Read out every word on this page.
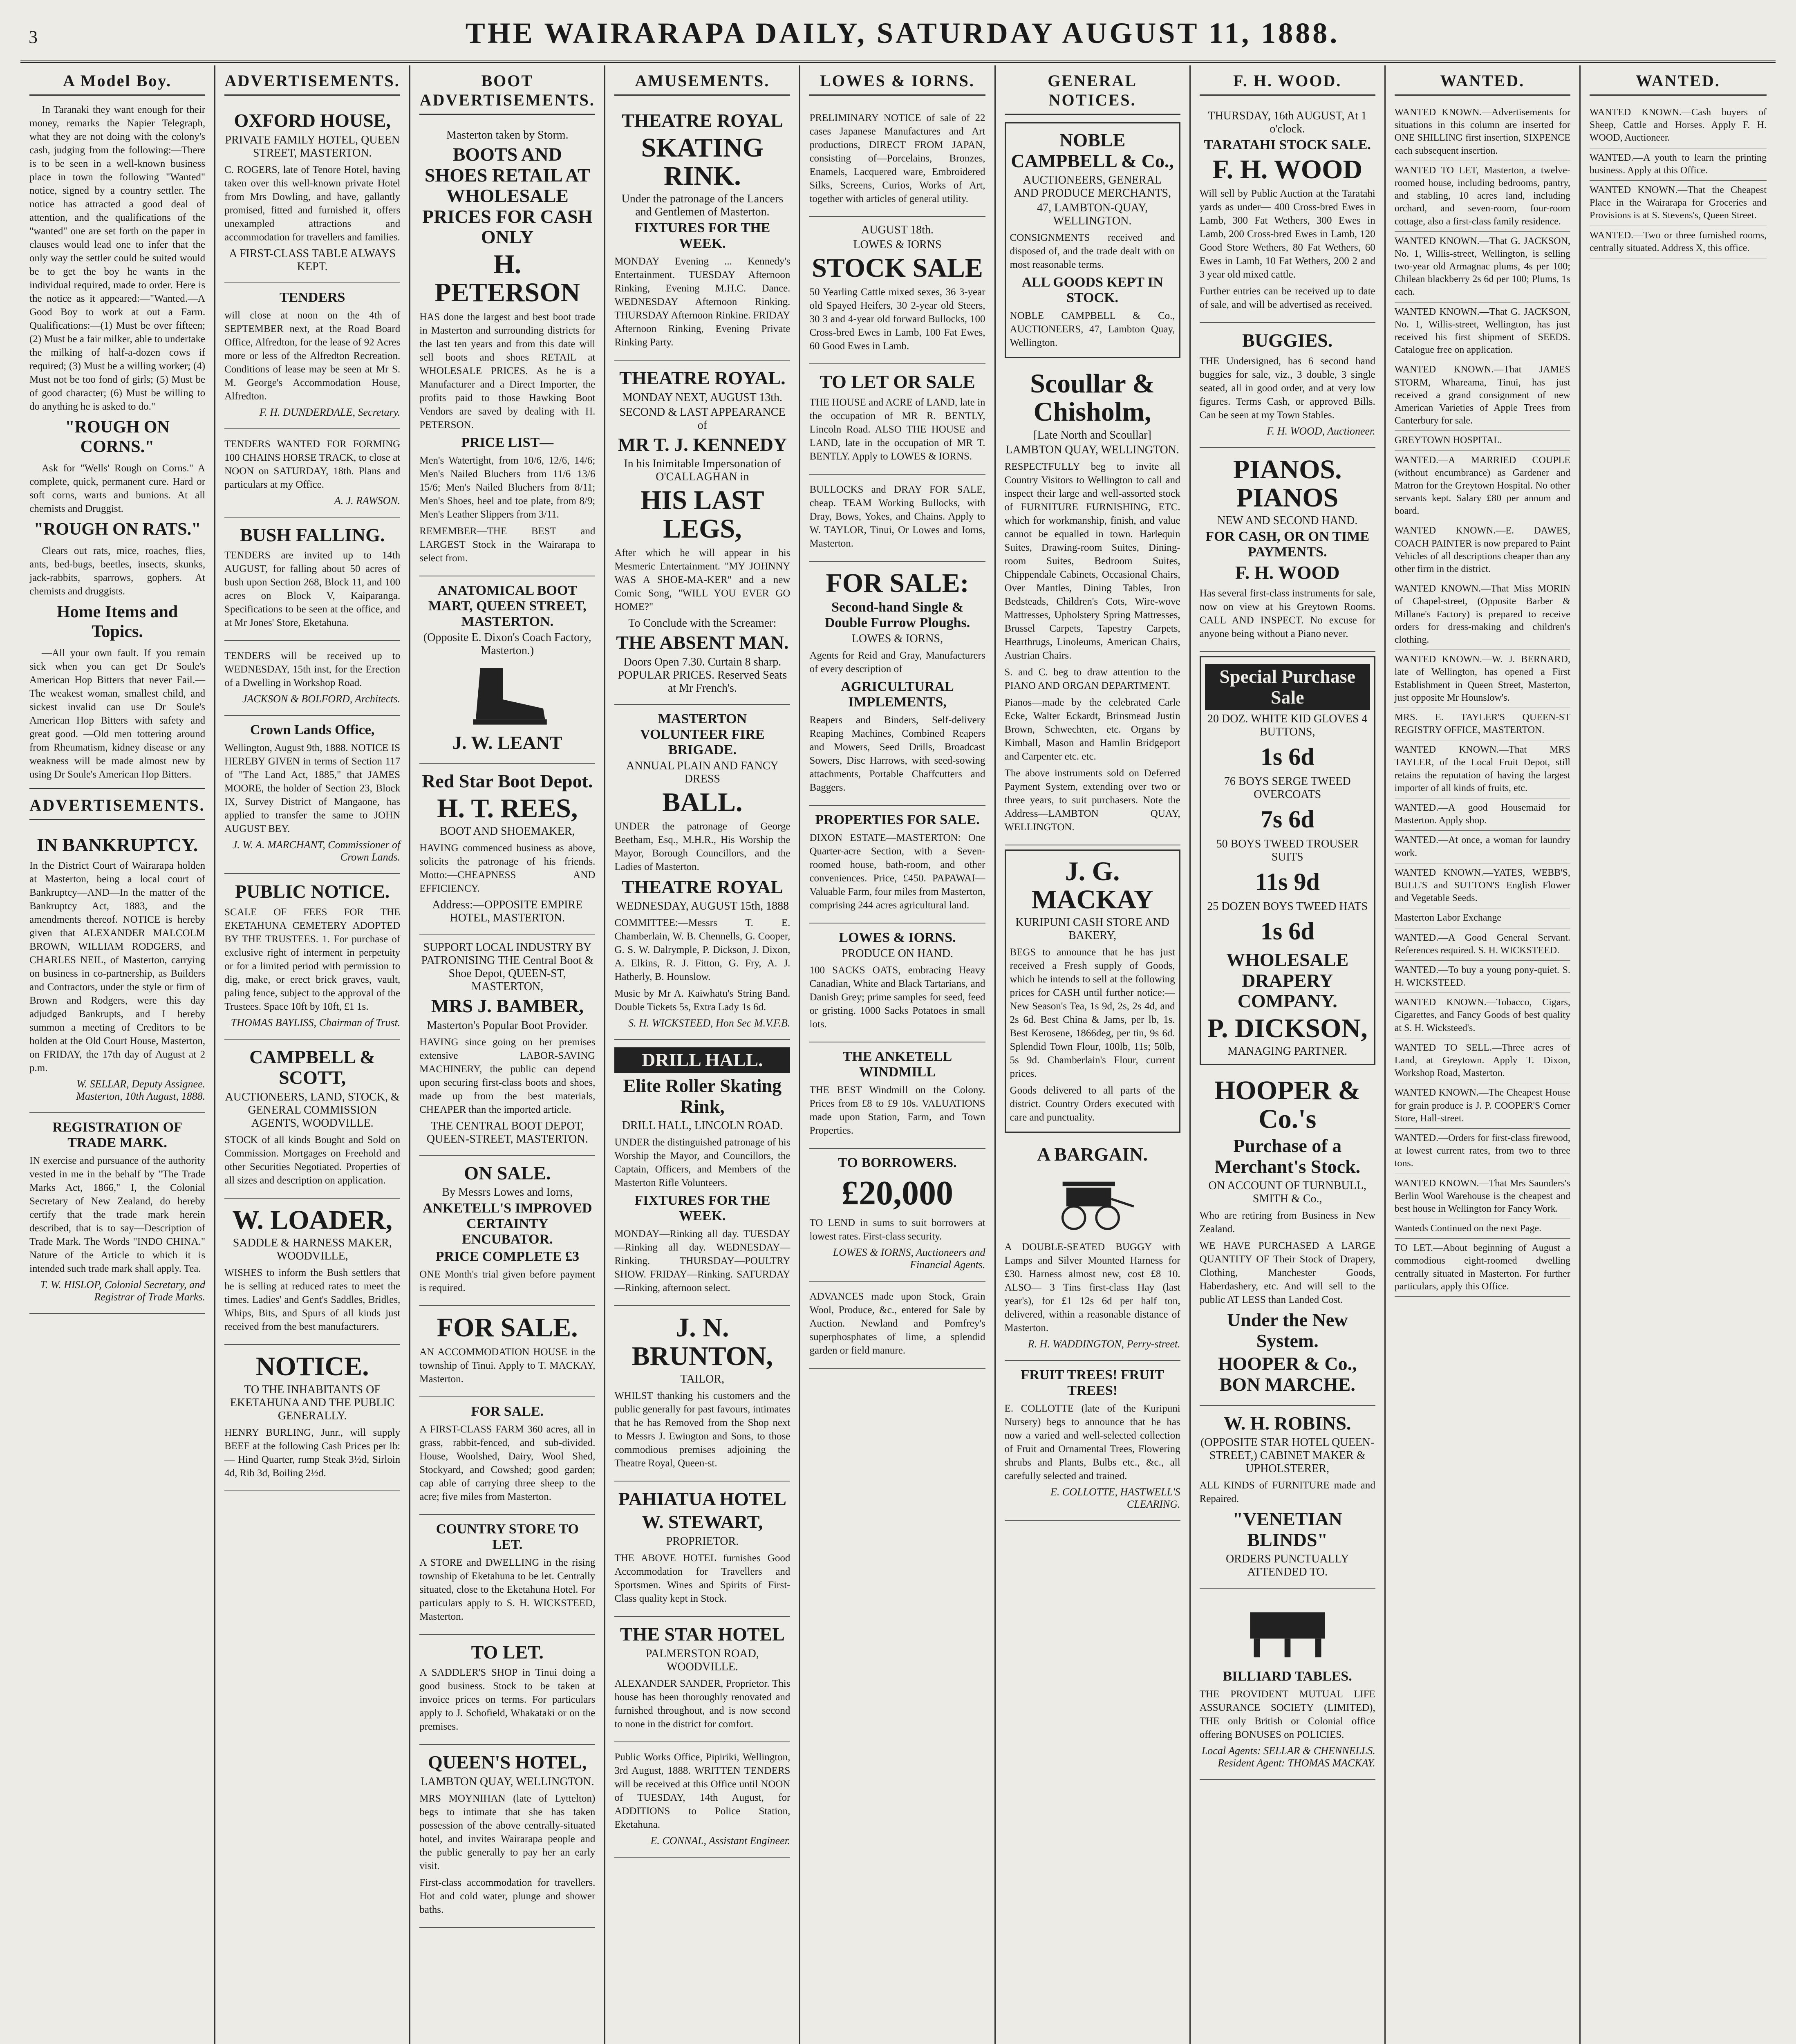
3	THE WAIRARAPA DAILY, SATURDAY AUGUST 11, 1888.
A Model Boy.

In Taranaki they want enough for their money, remarks the Napier Telegraph, what they are not doing with the colony's cash, judging from the following:—There is to be seen in a well-known business place in town the following "Wanted" notice, signed by a country settler. The notice has attracted a good deal of attention, and the qualifications of the "wanted" one are set forth on the paper in clauses would lead one to infer that the only way the settler could be suited would be to get the boy he wants in the individual required, made to order. Here is the notice as it appeared:—"Wanted.—A Good Boy to work at out a Farm. Qualifications:—(1) Must be over fifteen; (2) Must be a fair milker, able to undertake the milking of half-a-dozen cows if required; (3) Must be a willing worker; (4) Must not be too fond of girls; (5) Must be of good character; (6) Must be willing to do anything he is asked to do."

"ROUGH ON CORNS."

Ask for "Wells' Rough on Corns." A complete, quick, permanent cure. Hard or soft corns, warts and bunions. At all chemists and Druggist.

"ROUGH ON RATS."

Clears out rats, mice, roaches, flies, ants, bed-bugs, beetles, insects, skunks, jack-rabbits, sparrows, gophers. At chemists and druggists.

Home Items and Topics.

—All your own fault. If you remain sick when you can get Dr Soule's American Hop Bitters that never Fail.—The weakest woman, smallest child, and sickest invalid can use Dr Soule's American Hop Bitters with safety and great good. —Old men tottering around from Rheumatism, kidney disease or any weakness will be made almost new by using Dr Soule's American Hop Bitters.

ADVERTISEMENTS.
IN BANKRUPTCY.
In the District Court of Wairarapa holden at Masterton, being a local court of Bankruptcy—AND—In the matter of the Bankruptcy Act, 1883, and the amendments thereof. NOTICE is hereby given that ALEXANDER MALCOLM BROWN, WILLIAM RODGERS, and CHARLES NEIL, of Masterton, carrying on business in co-partnership, as Builders and Contractors, under the style or firm of Brown and Rodgers, were this day adjudged Bankrupts, and I hereby summon a meeting of Creditors to be holden at the Old Court House, Masterton, on FRIDAY, the 17th day of August at 2 p.m.
W. SELLAR, Deputy Assignee. Masterton, 10th August, 1888.
REGISTRATION OF TRADE MARK.
IN exercise and pursuance of the authority vested in me in the behalf by "The Trade Marks Act, 1866," I, the Colonial Secretary of New Zealand, do hereby certify that the trade mark herein described, that is to say—Description of Trade Mark. The Words "INDO CHINA." Nature of the Article to which it is intended such trade mark shall apply. Tea.
T. W. HISLOP, Colonial Secretary, and Registrar of Trade Marks.
ADVERTISEMENTS.
OXFORD HOUSE,
PRIVATE FAMILY HOTEL, QUEEN STREET, MASTERTON.
C. ROGERS, late of Tenore Hotel, having taken over this well-known private Hotel from Mrs Dowling, and have, gallantly promised, fitted and furnished it, offers unexampled attractions and accommodation for travellers and families.
A FIRST-CLASS TABLE ALWAYS KEPT.
TENDERS
will close at noon on the 4th of SEPTEMBER next, at the Road Board Office, Alfredton, for the lease of 92 Acres more or less of the Alfredton Recreation. Conditions of lease may be seen at Mr S. M. George's Accommodation House, Alfredton.
F. H. DUNDERDALE, Secretary.
TENDERS WANTED FOR FORMING 100 CHAINS HORSE TRACK, to close at NOON on SATURDAY, 18th. Plans and particulars at my Office.
A. J. RAWSON.
BUSH FALLING.
TENDERS are invited up to 14th AUGUST, for falling about 50 acres of bush upon Section 268, Block 11, and 100 acres on Block V, Kaiparanga. Specifications to be seen at the office, and at Mr Jones' Store, Eketahuna.
TENDERS will be received up to WEDNESDAY, 15th inst, for the Erection of a Dwelling in Workshop Road.
JACKSON & BOLFORD, Architects.
Crown Lands Office,
Wellington, August 9th, 1888. NOTICE IS HEREBY GIVEN in terms of Section 117 of "The Land Act, 1885," that JAMES MOORE, the holder of Section 23, Block IX, Survey District of Mangaone, has applied to transfer the same to JOHN AUGUST BEY.
J. W. A. MARCHANT, Commissioner of Crown Lands.
PUBLIC NOTICE.
SCALE OF FEES FOR THE EKETAHUNA CEMETERY ADOPTED BY THE TRUSTEES. 1. For purchase of exclusive right of interment in perpetuity or for a limited period with permission to dig, make, or erect brick graves, vault, paling fence, subject to the approval of the Trustees. Space 10ft by 10ft, £1 1s.
THOMAS BAYLISS, Chairman of Trust.
CAMPBELL & SCOTT,
AUCTIONEERS, LAND, STOCK, & GENERAL COMMISSION AGENTS, WOODVILLE.
STOCK of all kinds Bought and Sold on Commission. Mortgages on Freehold and other Securities Negotiated. Properties of all sizes and description on application.
W. LOADER,
SADDLE & HARNESS MAKER, WOODVILLE,
WISHES to inform the Bush settlers that he is selling at reduced rates to meet the times. Ladies' and Gent's Saddles, Bridles, Whips, Bits, and Spurs of all kinds just received from the best manufacturers.
NOTICE.
TO THE INHABITANTS OF EKETAHUNA AND THE PUBLIC GENERALLY.
HENRY BURLING, Junr., will supply BEEF at the following Cash Prices per lb:— Hind Quarter, rump Steak 3½d, Sirloin 4d, Rib 3d, Boiling 2½d.
BOOT ADVERTISEMENTS.
Masterton taken by Storm.
BOOTS AND SHOES RETAIL AT WHOLESALE PRICES FOR CASH ONLY
H. PETERSON
HAS done the largest and best boot trade in Masterton and surrounding districts for the last ten years and from this date will sell boots and shoes RETAIL at WHOLESALE PRICES. As he is a Manufacturer and a Direct Importer, the profits paid to those Hawking Boot Vendors are saved by dealing with H. PETERSON.
PRICE LIST—
Men's Watertight, from 10/6, 12/6, 14/6; Men's Nailed Bluchers from 11/6 13/6 15/6; Men's Nailed Bluchers from 8/11; Men's Shoes, heel and toe plate, from 8/9; Men's Leather Slippers from 3/11.
REMEMBER—THE BEST and LARGEST Stock in the Wairarapa to select from.
ANATOMICAL BOOT MART, QUEEN STREET, MASTERTON.
(Opposite E. Dixon's Coach Factory, Masterton.)
J. W. LEANT
Red Star Boot Depot.
H. T. REES,
BOOT AND SHOEMAKER,
HAVING commenced business as above, solicits the patronage of his friends. Motto:—CHEAPNESS AND EFFICIENCY.
Address:—OPPOSITE EMPIRE HOTEL, MASTERTON.
SUPPORT LOCAL INDUSTRY BY PATRONISING THE Central Boot & Shoe Depot, QUEEN-ST, MASTERTON,
MRS J. BAMBER,
Masterton's Popular Boot Provider.
HAVING since going on her premises extensive LABOR-SAVING MACHINERY, the public can depend upon securing first-class boots and shoes, made up from the best materials, CHEAPER than the imported article.
THE CENTRAL BOOT DEPOT, QUEEN-STREET, MASTERTON.
ON SALE.
By Messrs Lowes and Iorns,
ANKETELL'S IMPROVED CERTAINTY ENCUBATOR.
PRICE COMPLETE £3
ONE Month's trial given before payment is required.
FOR SALE.
AN ACCOMMODATION HOUSE in the township of Tinui. Apply to T. MACKAY, Masterton.
FOR SALE.
A FIRST-CLASS FARM 360 acres, all in grass, rabbit-fenced, and sub-divided. House, Woolshed, Dairy, Wool Shed, Stockyard, and Cowshed; good garden; cap able of carrying three sheep to the acre; five miles from Masterton.
COUNTRY STORE TO LET.
A STORE and DWELLING in the rising township of Eketahuna to be let. Centrally situated, close to the Eketahuna Hotel. For particulars apply to S. H. WICKSTEED, Masterton.
TO LET.
A SADDLER'S SHOP in Tinui doing a good business. Stock to be taken at invoice prices on terms. For particulars apply to J. Schofield, Whakataki or on the premises.
QUEEN'S HOTEL,
LAMBTON QUAY, WELLINGTON.
MRS MOYNIHAN (late of Lyttelton) begs to intimate that she has taken possession of the above centrally-situated hotel, and invites Wairarapa people and the public generally to pay her an early visit.
First-class accommodation for travellers. Hot and cold water, plunge and shower baths.
AMUSEMENTS.
THEATRE ROYAL
SKATING RINK.
Under the patronage of the Lancers and Gentlemen of Masterton.
FIXTURES FOR THE WEEK.
MONDAY Evening ... Kennedy's Entertainment. TUESDAY Afternoon Rinking, Evening M.H.C. Dance. WEDNESDAY Afternoon Rinking. THURSDAY Afternoon Rinkine. FRIDAY Afternoon Rinking, Evening Private Rinking Party.
THEATRE ROYAL.
MONDAY NEXT, AUGUST 13th.
SECOND & LAST APPEARANCE of
MR T. J. KENNEDY
In his Inimitable Impersonation of O'CALLAGHAN in
HIS LAST LEGS,
After which he will appear in his Mesmeric Entertainment. "MY JOHNNY WAS A SHOE-MA-KER" and a new Comic Song, "WILL YOU EVER GO HOME?"
To Conclude with the Screamer:
THE ABSENT MAN.
Doors Open 7.30. Curtain 8 sharp. POPULAR PRICES. Reserved Seats at Mr French's.
MASTERTON VOLUNTEER FIRE BRIGADE.
ANNUAL PLAIN AND FANCY DRESS
BALL.
UNDER the patronage of George Beetham, Esq., M.H.R., His Worship the Mayor, Borough Councillors, and the Ladies of Masterton.
THEATRE ROYAL
WEDNESDAY, AUGUST 15th, 1888
COMMITTEE:—Messrs T. E. Chamberlain, W. B. Chennells, G. Cooper, G. S. W. Dalrymple, P. Dickson, J. Dixon, A. Elkins, R. J. Fitton, G. Fry, A. J. Hatherly, B. Hounslow.
Music by Mr A. Kaiwhatu's String Band. Double Tickets 5s, Extra Lady 1s 6d.
S. H. WICKSTEED, Hon Sec M.V.F.B.
DRILL HALL.
Elite Roller Skating Rink,
DRILL HALL, LINCOLN ROAD.
UNDER the distinguished patronage of his Worship the Mayor, and Councillors, the Captain, Officers, and Members of the Masterton Rifle Volunteers.
FIXTURES FOR THE WEEK.
MONDAY—Rinking all day. TUESDAY—Rinking all day. WEDNESDAY—Rinking. THURSDAY—POULTRY SHOW. FRIDAY—Rinking. SATURDAY—Rinking, afternoon select.
J. N. BRUNTON,
TAILOR,
WHILST thanking his customers and the public generally for past favours, intimates that he has Removed from the Shop next to Messrs J. Ewington and Sons, to those commodious premises adjoining the Theatre Royal, Queen-st.
PAHIATUA HOTEL
W. STEWART,
PROPRIETOR.
THE ABOVE HOTEL furnishes Good Accommodation for Travellers and Sportsmen. Wines and Spirits of First-Class quality kept in Stock.
THE STAR HOTEL
PALMERSTON ROAD, WOODVILLE.
ALEXANDER SANDER, Proprietor. This house has been thoroughly renovated and furnished throughout, and is now second to none in the district for comfort.
Public Works Office, Pipiriki, Wellington, 3rd August, 1888. WRITTEN TENDERS will be received at this Office until NOON of TUESDAY, 14th August, for ADDITIONS to Police Station, Eketahuna.
E. CONNAL, Assistant Engineer.
LOWES & IORNS.
PRELIMINARY NOTICE of sale of 22 cases Japanese Manufactures and Art productions, DIRECT FROM JAPAN, consisting of—Porcelains, Bronzes, Enamels, Lacquered ware, Embroidered Silks, Screens, Curios, Works of Art, together with articles of general utility.
AUGUST 18th.
LOWES & IORNS
STOCK SALE
50 Yearling Cattle mixed sexes, 36 3-year old Spayed Heifers, 30 2-year old Steers, 30 3 and 4-year old forward Bullocks, 100 Cross-bred Ewes in Lamb, 100 Fat Ewes, 60 Good Ewes in Lamb.
TO LET OR SALE
THE HOUSE and ACRE of LAND, late in the occupation of MR R. BENTLY, Lincoln Road. ALSO THE HOUSE and LAND, late in the occupation of MR T. BENTLY. Apply to LOWES & IORNS.
BULLOCKS and DRAY FOR SALE, cheap. TEAM Working Bullocks, with Dray, Bows, Yokes, and Chains. Apply to W. TAYLOR, Tinui, Or Lowes and Iorns, Masterton.
FOR SALE:
Second-hand Single & Double Furrow Ploughs.
LOWES & IORNS,
Agents for Reid and Gray, Manufacturers of every description of
AGRICULTURAL IMPLEMENTS,
Reapers and Binders, Self-delivery Reaping Machines, Combined Reapers and Mowers, Seed Drills, Broadcast Sowers, Disc Harrows, with seed-sowing attachments, Portable Chaffcutters and Baggers.
PROPERTIES FOR SALE.
DIXON ESTATE—MASTERTON: One Quarter-acre Section, with a Seven-roomed house, bath-room, and other conveniences. Price, £450. PAPAWAI—Valuable Farm, four miles from Masterton, comprising 244 acres agricultural land.
LOWES & IORNS.
PRODUCE ON HAND.
100 SACKS OATS, embracing Heavy Canadian, White and Black Tartarians, and Danish Grey; prime samples for seed, feed or gristing. 1000 Sacks Potatoes in small lots.
THE ANKETELL WINDMILL
THE BEST Windmill on the Colony. Prices from £8 to £9 10s. VALUATIONS made upon Station, Farm, and Town Properties.
TO BORROWERS.
£20,000
TO LEND in sums to suit borrowers at lowest rates. First-class security.
LOWES & IORNS, Auctioneers and Financial Agents.
ADVANCES made upon Stock, Grain Wool, Produce, &c., entered for Sale by Auction. Newland and Pomfrey's superphosphates of lime, a splendid garden or field manure.
GENERAL NOTICES.
NOBLE CAMPBELL & Co.,
AUCTIONEERS, GENERAL AND PRODUCE MERCHANTS,
47, LAMBTON-QUAY, WELLINGTON.
CONSIGNMENTS received and disposed of, and the trade dealt with on most reasonable terms.
ALL GOODS KEPT IN STOCK.
NOBLE CAMPBELL & Co., AUCTIONEERS, 47, Lambton Quay, Wellington.
Scoullar & Chisholm,
[Late North and Scoullar]
LAMBTON QUAY, WELLINGTON.
RESPECTFULLY beg to invite all Country Visitors to Wellington to call and inspect their large and well-assorted stock of FURNITURE FURNISHING, ETC. which for workmanship, finish, and value cannot be equalled in town. Harlequin Suites, Drawing-room Suites, Dining-room Suites, Bedroom Suites, Chippendale Cabinets, Occasional Chairs, Over Mantles, Dining Tables, Iron Bedsteads, Children's Cots, Wire-wove Mattresses, Upholstery Spring Mattresses, Brussel Carpets, Tapestry Carpets, Hearthrugs, Linoleums, American Chairs, Austrian Chairs.
S. and C. beg to draw attention to the PIANO AND ORGAN DEPARTMENT.
Pianos—made by the celebrated Carle Ecke, Walter Eckardt, Brinsmead Justin Brown, Schwechten, etc. Organs by Kimball, Mason and Hamlin Bridgeport and Carpenter etc. etc.
The above instruments sold on Deferred Payment System, extending over two or three years, to suit purchasers. Note the Address—LAMBTON QUAY, WELLINGTON.
J. G. MACKAY
KURIPUNI CASH STORE AND BAKERY,
BEGS to announce that he has just received a Fresh supply of Goods, which he intends to sell at the following prices for CASH until further notice:— New Season's Tea, 1s 9d, 2s, 2s 4d, and 2s 6d. Best China & Jams, per lb, 1s. Best Kerosene, 1866deg, per tin, 9s 6d. Splendid Town Flour, 100lb, 11s; 50lb, 5s 9d. Chamberlain's Flour, current prices.
Goods delivered to all parts of the district. Country Orders executed with care and punctuality.
A BARGAIN.
A DOUBLE-SEATED BUGGY with Lamps and Silver Mounted Harness for £30. Harness almost new, cost £8 10. ALSO— 3 Tins first-class Hay (last year's), for £1 12s 6d per half ton, delivered, within a reasonable distance of Masterton.
R. H. WADDINGTON, Perry-street.
FRUIT TREES! FRUIT TREES!
E. COLLOTTE (late of the Kuripuni Nursery) begs to announce that he has now a varied and well-selected collection of Fruit and Ornamental Trees, Flowering shrubs and Plants, Bulbs etc., &c., all carefully selected and trained.
E. COLLOTTE, HASTWELL'S CLEARING.
F. H. WOOD.
THURSDAY, 16th AUGUST, At 1 o'clock.
TARATAHI STOCK SALE.
F. H. WOOD
Will sell by Public Auction at the Taratahi yards as under— 400 Cross-bred Ewes in Lamb, 300 Fat Wethers, 300 Ewes in Lamb, 200 Cross-bred Ewes in Lamb, 120 Good Store Wethers, 80 Fat Wethers, 60 Ewes in Lamb, 10 Fat Wethers, 200 2 and 3 year old mixed cattle.
Further entries can be received up to date of sale, and will be advertised as received.
BUGGIES.
THE Undersigned, has 6 second hand buggies for sale, viz., 3 double, 3 single seated, all in good order, and at very low figures. Terms Cash, or approved Bills. Can be seen at my Town Stables.
F. H. WOOD, Auctioneer.
PIANOS. PIANOS
NEW AND SECOND HAND.
FOR CASH, OR ON TIME PAYMENTS.
F. H. WOOD
Has several first-class instruments for sale, now on view at his Greytown Rooms. CALL AND INSPECT. No excuse for anyone being without a Piano never.
Special Purchase Sale
20 DOZ. WHITE KID GLOVES 4 BUTTONS,
1s 6d
76 BOYS SERGE TWEED OVERCOATS
7s 6d
50 BOYS TWEED TROUSER SUITS
11s 9d
25 DOZEN BOYS TWEED HATS
1s 6d
WHOLESALE DRAPERY COMPANY.
P. DICKSON,
MANAGING PARTNER.
HOOPER & Co.'s
Purchase of a Merchant's Stock.
ON ACCOUNT OF TURNBULL, SMITH & Co.,
Who are retiring from Business in New Zealand.
WE HAVE PURCHASED A LARGE QUANTITY OF Their Stock of Drapery, Clothing, Manchester Goods, Haberdashery, etc. And will sell to the public AT LESS than Landed Cost.
Under the New System.
HOOPER & Co., BON MARCHE.
W. H. ROBINS.
(OPPOSITE STAR HOTEL QUEEN-STREET,) CABINET MAKER & UPHOLSTERER,
ALL KINDS of FURNITURE made and Repaired.
"VENETIAN BLINDS"
ORDERS PUNCTUALLY ATTENDED TO.
BILLIARD TABLES.
THE PROVIDENT MUTUAL LIFE ASSURANCE SOCIETY (LIMITED), THE only British or Colonial office offering BONUSES on POLICIES.
Local Agents: SELLAR & CHENNELLS. Resident Agent: THOMAS MACKAY.
WANTED.

WANTED KNOWN.—Advertisements for situations in this column are inserted for ONE SHILLING first insertion, SIXPENCE each subsequent insertion.

WANTED TO LET, Masterton, a twelve-roomed house, including bedrooms, pantry, and stabling, 10 acres land, including orchard, and seven-room, four-room cottage, also a first-class family residence.

WANTED KNOWN.—That G. JACKSON, No. 1, Willis-street, Wellington, is selling two-year old Armagnac plums, 4s per 100; Chilean blackberry 2s 6d per 100; Plums, 1s each.

WANTED KNOWN.—That G. JACKSON, No. 1, Willis-street, Wellington, has just received his first shipment of SEEDS. Catalogue free on application.

WANTED KNOWN.—That JAMES STORM, Whareama, Tinui, has just received a grand consignment of new American Varieties of Apple Trees from Canterbury for sale.

GREYTOWN HOSPITAL.

WANTED.—A MARRIED COUPLE (without encumbrance) as Gardener and Matron for the Greytown Hospital. No other servants kept. Salary £80 per annum and board.

WANTED KNOWN.—E. DAWES, COACH PAINTER is now prepared to Paint Vehicles of all descriptions cheaper than any other firm in the district.

WANTED KNOWN.—That Miss MORIN of Chapel-street, (Opposite Barber & Millane's Factory) is prepared to receive orders for dress-making and children's clothing.

WANTED KNOWN.—W. J. BERNARD, late of Wellington, has opened a First Establishment in Queen Street, Masterton, just opposite Mr Hounslow's.

MRS. E. TAYLER'S QUEEN-ST REGISTRY OFFICE, MASTERTON.

WANTED KNOWN.—That MRS TAYLER, of the Local Fruit Depot, still retains the reputation of having the largest importer of all kinds of fruits, etc.

WANTED.—A good Housemaid for Masterton. Apply shop.

WANTED.—At once, a woman for laundry work.

WANTED KNOWN.—YATES, WEBB'S, BULL'S and SUTTON'S English Flower and Vegetable Seeds.

Masterton Labor Exchange

WANTED.—A Good General Servant. References required. S. H. WICKSTEED.

WANTED.—To buy a young pony-quiet. S. H. WICKSTEED.

WANTED KNOWN.—Tobacco, Cigars, Cigarettes, and Fancy Goods of best quality at S. H. Wicksteed's.

WANTED TO SELL.—Three acres of Land, at Greytown. Apply T. Dixon, Workshop Road, Masterton.

WANTED KNOWN.—The Cheapest House for grain produce is J. P. COOPER'S Corner Store, Hall-street.

WANTED.—Orders for first-class firewood, at lowest current rates, from two to three tons.

WANTED KNOWN.—That Mrs Saunders's Berlin Wool Warehouse is the cheapest and best house in Wellington for Fancy Work.

Wanteds Continued on the next Page.

TO LET.—About beginning of August a commodious eight-roomed dwelling centrally situated in Masterton. For further particulars, apply this Office.

WANTED.

WANTED KNOWN.—Cash buyers of Sheep, Cattle and Horses. Apply F. H. WOOD, Auctioneer.

WANTED.—A youth to learn the printing business. Apply at this Office.

WANTED KNOWN.—That the Cheapest Place in the Wairarapa for Groceries and Provisions is at S. Stevens's, Queen Street.

WANTED.—Two or three furnished rooms, centrally situated. Address X, this office.
